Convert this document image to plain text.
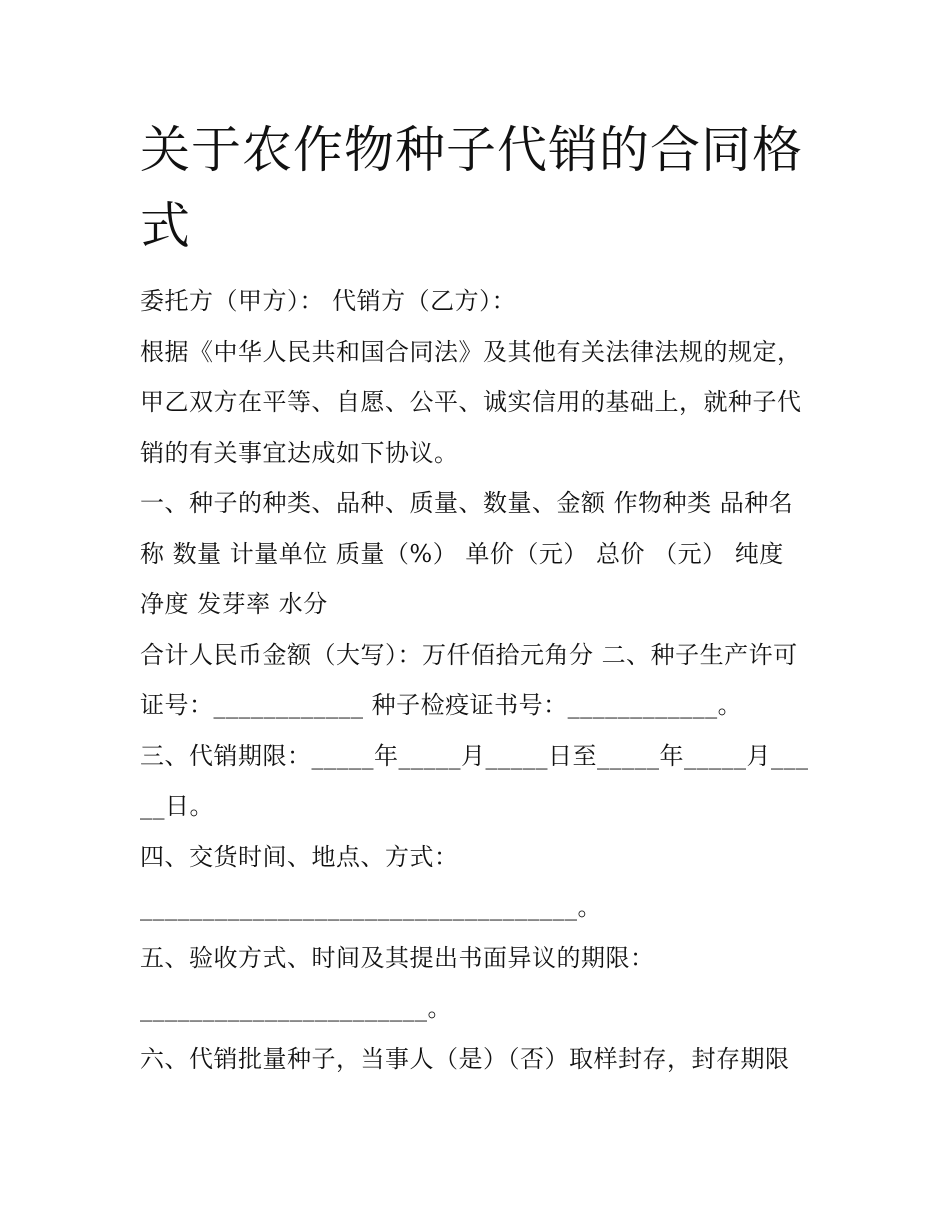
关于农作物种子代销的合同格式

委托方（甲方）： 代销方（乙方）：

根据《中华人民共和国合同法》及其他有关法律法规的规定，甲乙双方在平等、自愿、公平、诚实信用的基础上，就种子代销的有关事宜达成如下协议。

一、种子的种类、品种、质量、数量、金额 作物种类 品种名称 数量 计量单位 质量（%） 单价（元） 总价 （元） 纯度 净度 发芽率 水分

合计人民币金额（大写）：万仟佰拾元角分 二、种子生产许可证号：____________ 种子检疫证书号：____________。

三、代销期限：_____年_____月_____日至_____年_____月_____日。

四、交货时间、地点、方式：

___________________________________。

五、验收方式、时间及其提出书面异议的期限：

_______________________。

六、代销批量种子，当事人（是）（否）取样封存，封存期限
